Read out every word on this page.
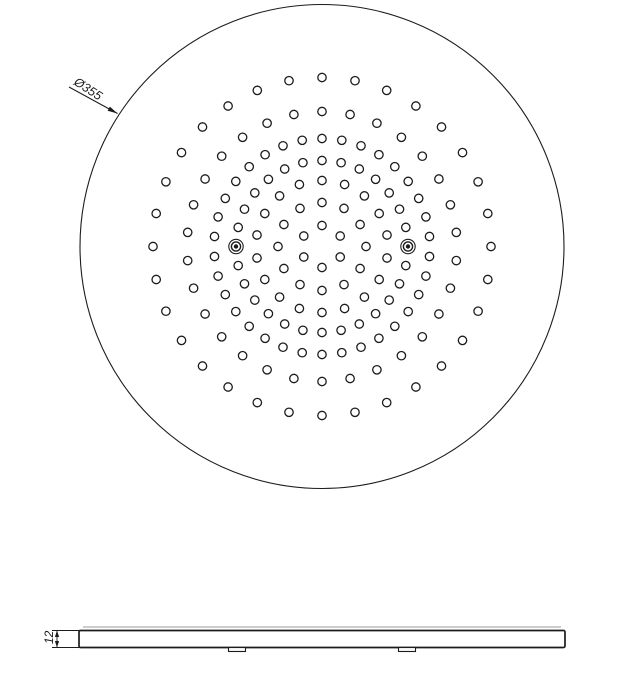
Ø355
12
